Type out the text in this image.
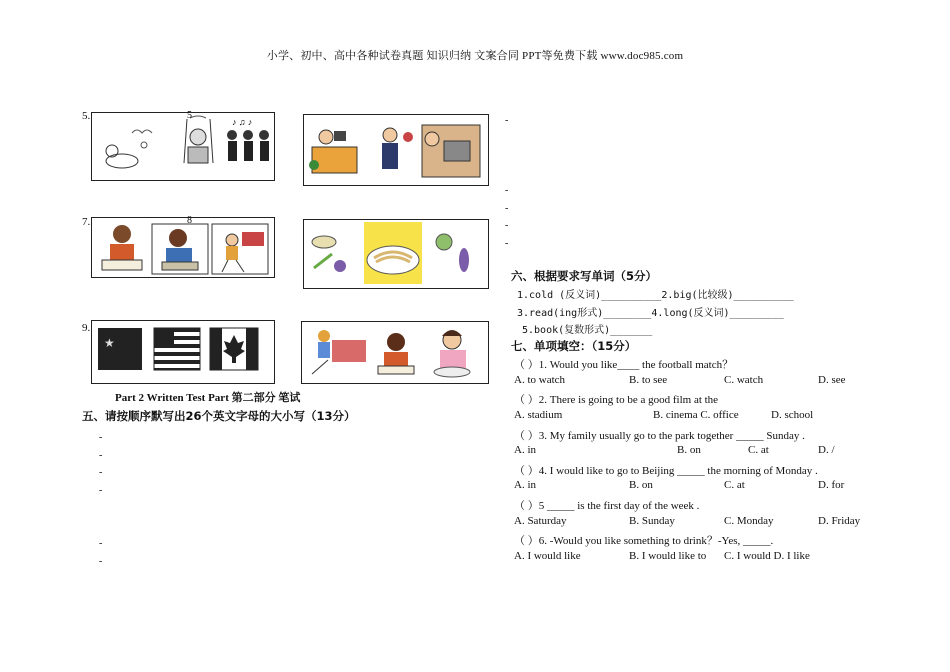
小学、初中、高中各种试卷真题 知识归纳 文案合同 PPT等免费下载 www.doc985.com
5.	♪ ♫ ♪
5
7.	8
9.
★
Part 2 Written Test Part 第二部分 笔试
五、请按顺序默写出26个英文字母的大小写（13分）
-
-
-
-
-
-
-
-
-
-
-
六、根据要求写单词（5分）
1.cold (反义词)__________2.big(比较级)__________
3.read(ing形式)________4.long(反义词)_________
5.book(复数形式)_______
七、单项填空：（15分）
（ ）1. Would you like____ the football match？
A. to watch	B. to see	C. watch	D. see
（ ）2. There is going to be a good film at the
A. stadium	B. cinema C. office	D. school
（ ）3. My family usually go to the park together _____ Sunday .
A. in	B. on	C. at	D. /
（ ）4. I would like to go to Beijing _____ the morning of Monday .
A. in	B. on	C. at	D. for
（ ）5 _____ is the first day of the week .
A. Saturday	B. Sunday	C. Monday	D. Friday
（ ）6. -Would you like something to drink？-Yes, _____.
A. I would like	B. I would like to C. I would D. I like
